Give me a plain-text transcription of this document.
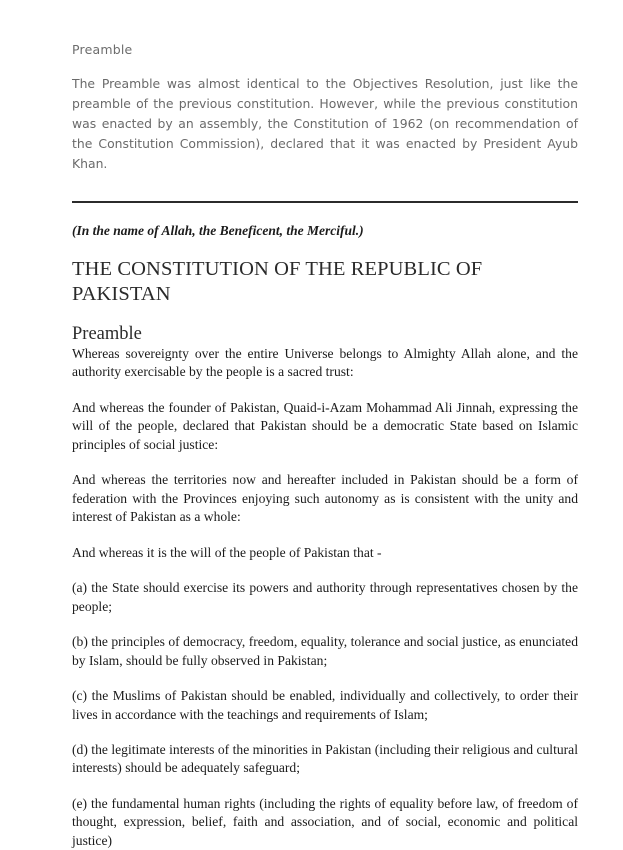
Preamble
The Preamble was almost identical to the Objectives Resolution, just like the preamble of the previous constitution. However, while the previous constitution was enacted by an assembly, the Constitution of 1962 (on recommendation of the Constitution Commission), declared that it was enacted by President Ayub Khan.
(In the name of Allah, the Beneficent, the Merciful.)
THE CONSTITUTION OF THE REPUBLIC OF PAKISTAN
Preamble

Whereas sovereignty over the entire Universe belongs to Almighty Allah alone, and the authority exercisable by the people is a sacred trust:

And whereas the founder of Pakistan, Quaid-i-Azam Mohammad Ali Jinnah, expressing the will of the people, declared that Pakistan should be a democratic State based on Islamic principles of social justice:

And whereas the territories now and hereafter included in Pakistan should be a form of federation with the Provinces enjoying such autonomy as is consistent with the unity and interest of Pakistan as a whole:

And whereas it is the will of the people of Pakistan that -

(a) the State should exercise its powers and authority through representatives chosen by the people;

(b) the principles of democracy, freedom, equality, tolerance and social justice, as enunciated by Islam, should be fully observed in Pakistan;

(c) the Muslims of Pakistan should be enabled, individually and collectively, to order their lives in accordance with the teachings and requirements of Islam;

(d) the legitimate interests of the minorities in Pakistan (including their religious and cultural interests) should be adequately safeguard;

(e) the fundamental human rights (including the rights of equality before law, of freedom of thought, expression, belief, faith and association, and of social, economic and political justice)
